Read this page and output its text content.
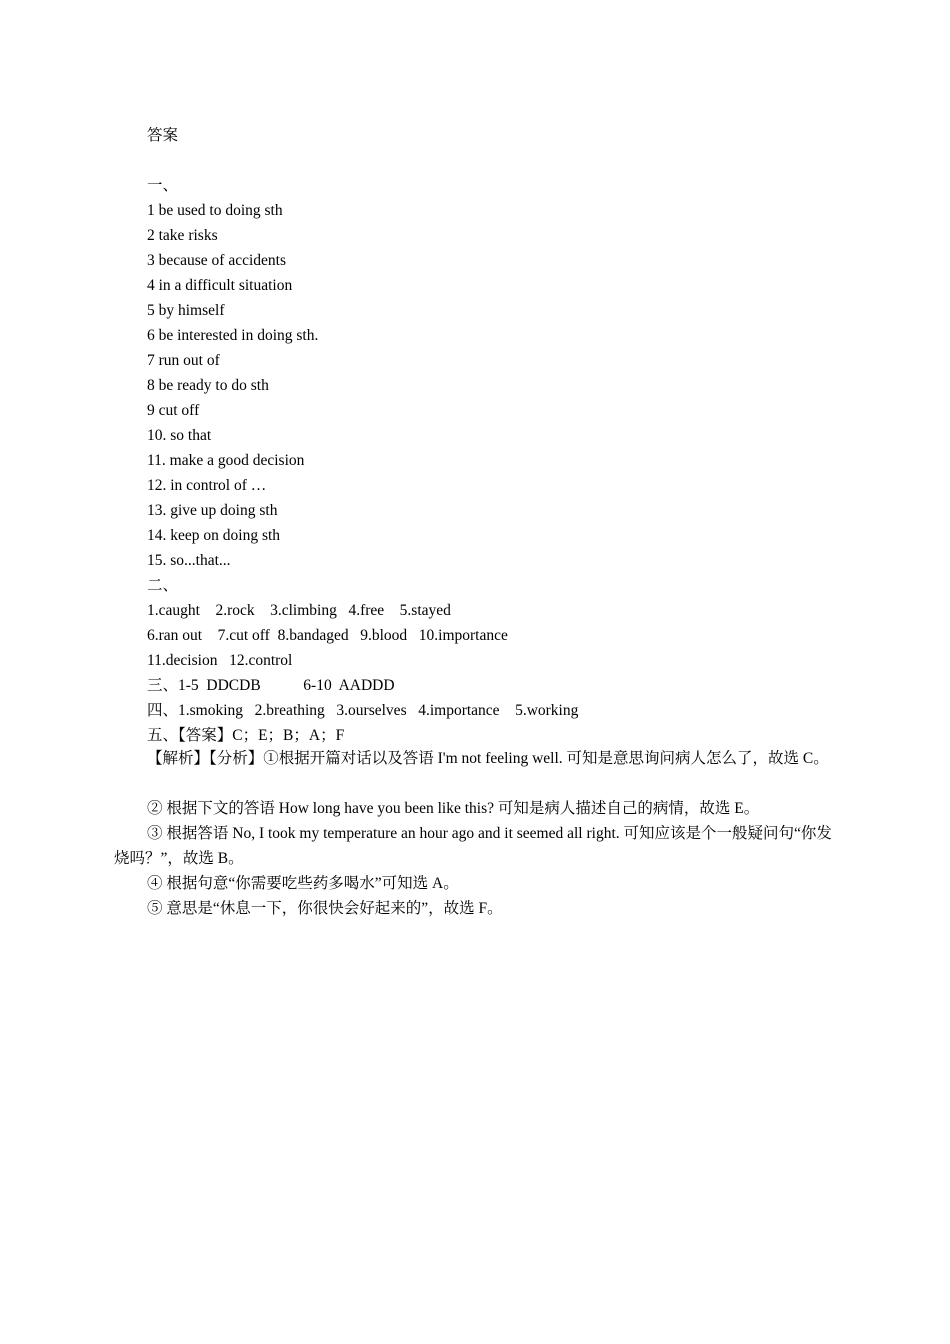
答案
一、
1 be used to doing sth
2 take risks
3 because of accidents
4 in a difficult situation
5 by himself
6 be interested in doing sth.
7 run out of
8 be ready to do sth
9 cut off
10. so that
11. make a good decision
12. in control of …
13. give up doing sth
14. keep on doing sth
15. so...that...
二、
1.caught    2.rock    3.climbing   4.free    5.stayed
6.ran out    7.cut off  8.bandaged   9.blood   10.importance
11.decision   12.control
三、1-5  DDCDB           6-10  AADDD
四、1.smoking   2.breathing   3.ourselves   4.importance    5.working
五、【答案】C；E；B；A；F
【解析】【分析】①根据开篇对话以及答语 I'm not feeling well. 可知是意思询问病人怎么了，故选 C。
② 根据下文的答语 How long have you been like this? 可知是病人描述自己的病情，故选 E。
③ 根据答语 No, I took my temperature an hour ago and it seemed all right. 可知应该是个一般疑问句“你发烧吗？”，故选 B。
④ 根据句意“你需要吃些药多喝水”可知选 A。
⑤ 意思是“休息一下，你很快会好起来的”，故选 F。
